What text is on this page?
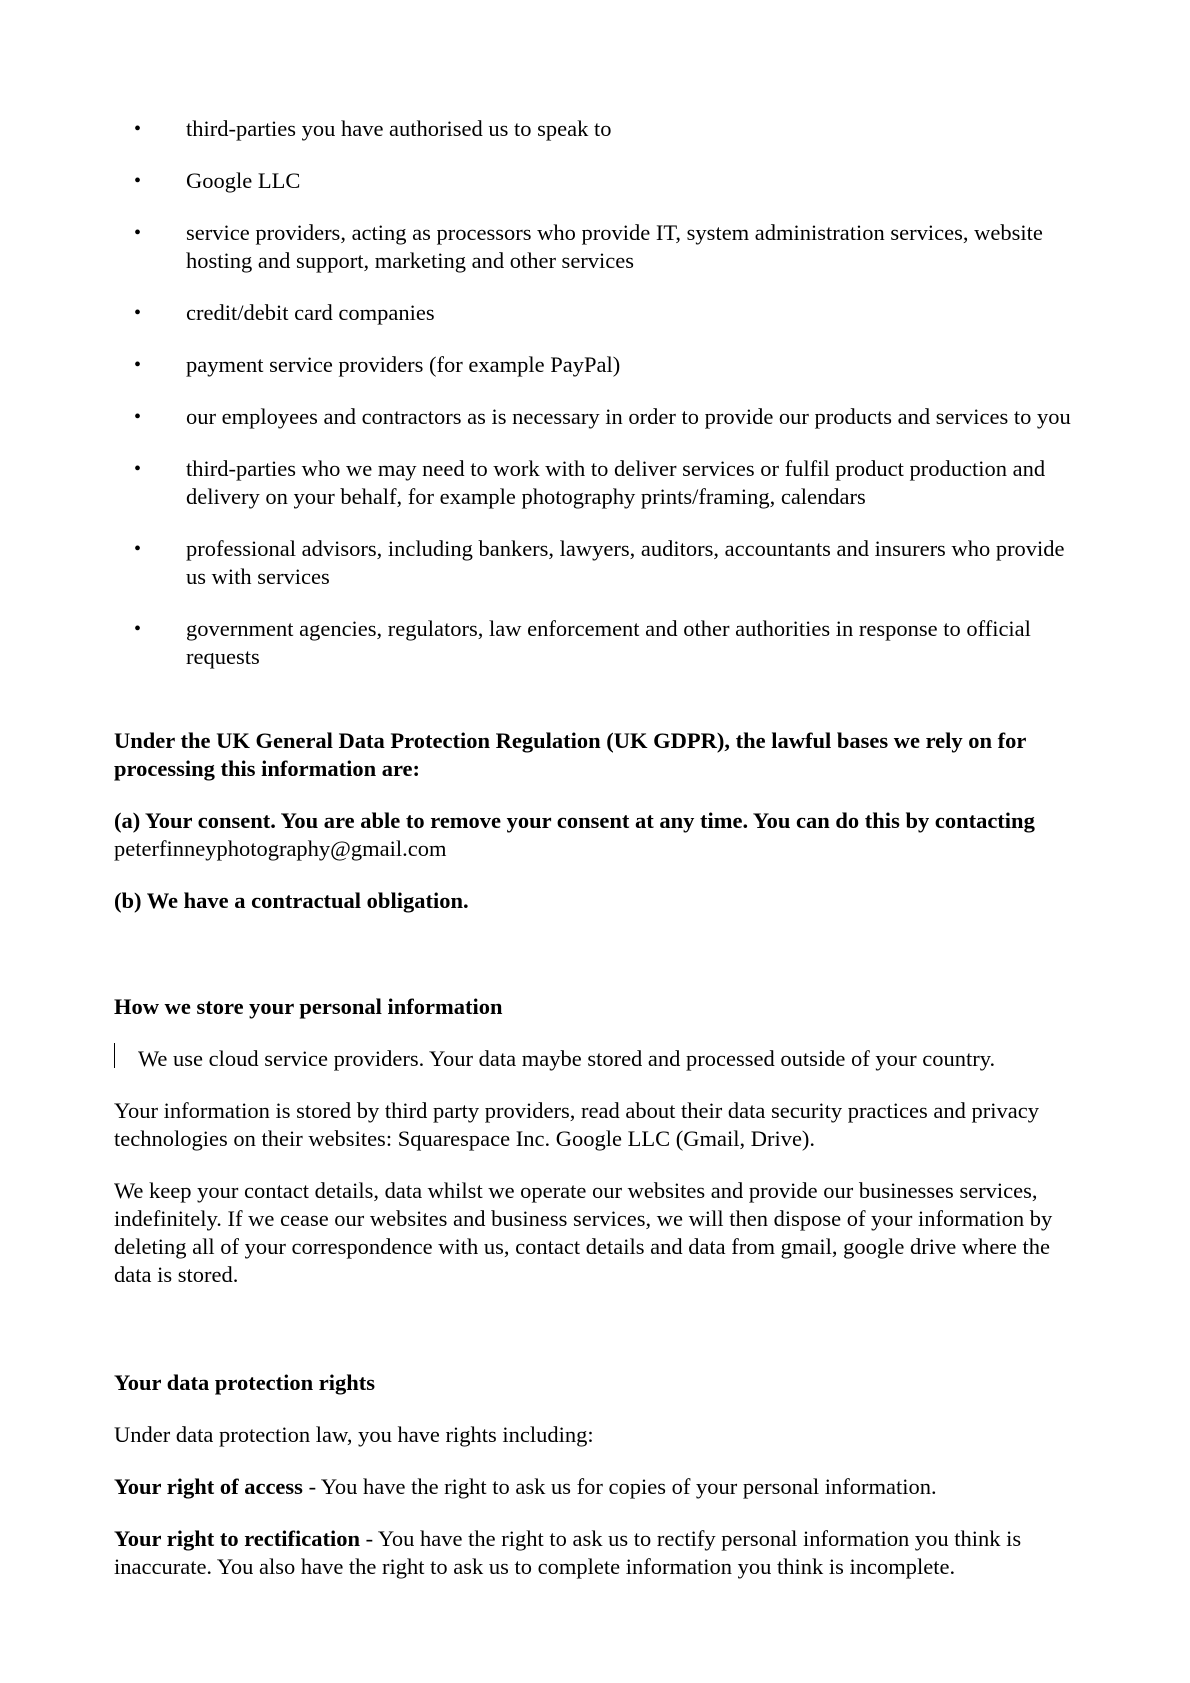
• third-parties you have authorised us to speak to
• Google LLC
• service providers, acting as processors who provide IT, system administration services, website hosting and support, marketing and other services
• credit/debit card companies
• payment service providers (for example PayPal)
• our employees and contractors as is necessary in order to provide our products and services to you
• third-parties who we may need to work with to deliver services or fulfil product production and delivery on your behalf, for example photography prints/framing, calendars
• professional advisors, including bankers, lawyers, auditors, accountants and insurers who provide us with services
• government agencies, regulators, law enforcement and other authorities in response to official requests

Under the UK General Data Protection Regulation (UK GDPR), the lawful bases we rely on for processing this information are:

(a) Your consent. You are able to remove your consent at any time. You can do this by contacting peterfinneyphotography@gmail.com

(b) We have a contractual obligation.

How we store your personal information

We use cloud service providers. Your data maybe stored and processed outside of your country.

Your information is stored by third party providers, read about their data security practices and privacy technologies on their websites: Squarespace Inc. Google LLC (Gmail, Drive).

We keep your contact details, data whilst we operate our websites and provide our businesses services, indefinitely. If we cease our websites and business services, we will then dispose of your information by deleting all of your correspondence with us, contact details and data from gmail, google drive where the data is stored.

Your data protection rights

Under data protection law, you have rights including:

Your right of access - You have the right to ask us for copies of your personal information.

Your right to rectification - You have the right to ask us to rectify personal information you think is inaccurate. You also have the right to ask us to complete information you think is incomplete.
